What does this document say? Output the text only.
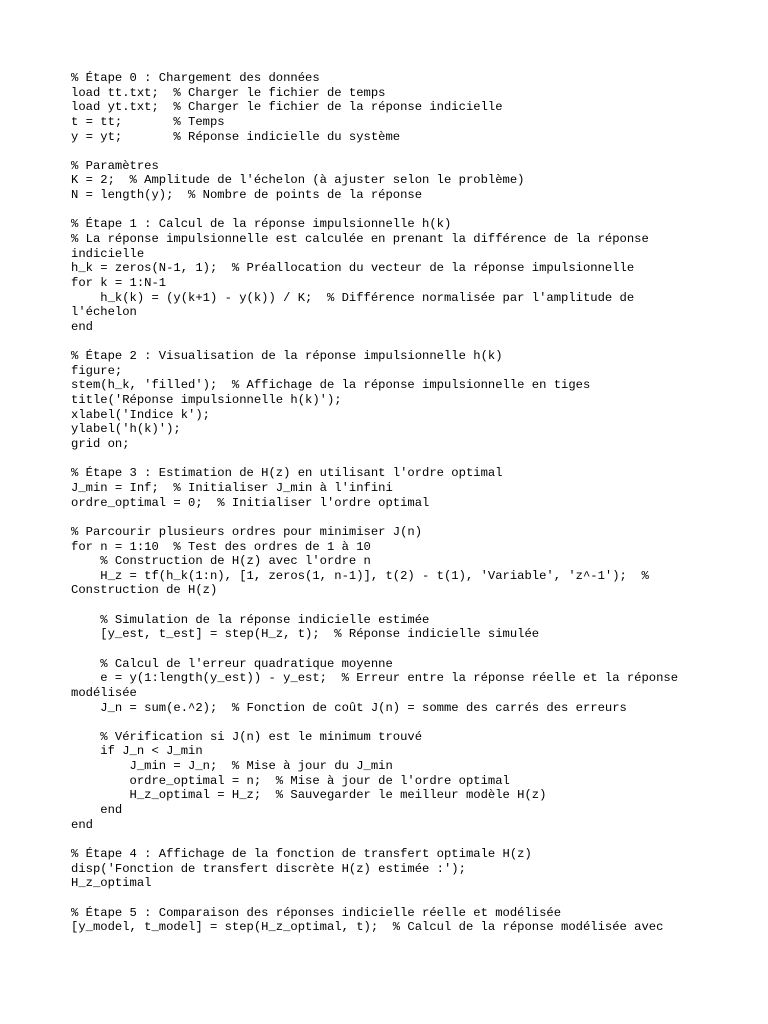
% Étape 0 : Chargement des données
load tt.txt;  % Charger le fichier de temps
load yt.txt;  % Charger le fichier de la réponse indicielle
t = tt;       % Temps
y = yt;       % Réponse indicielle du système
% Paramètres
K = 2;  % Amplitude de l'échelon (à ajuster selon le problème)
N = length(y);  % Nombre de points de la réponse
% Étape 1 : Calcul de la réponse impulsionnelle h(k)
% La réponse impulsionnelle est calculée en prenant la différence de la réponse
indicielle
h_k = zeros(N-1, 1);  % Préallocation du vecteur de la réponse impulsionnelle
for k = 1:N-1
h_k(k) = (y(k+1) - y(k)) / K;  % Différence normalisée par l'amplitude de
l'échelon
end
% Étape 2 : Visualisation de la réponse impulsionnelle h(k)
figure;
stem(h_k, 'filled');  % Affichage de la réponse impulsionnelle en tiges
title('Réponse impulsionnelle h(k)');
xlabel('Indice k');
ylabel('h(k)');
grid on;
% Étape 3 : Estimation de H(z) en utilisant l'ordre optimal
J_min = Inf;  % Initialiser J_min à l'infini
ordre_optimal = 0;  % Initialiser l'ordre optimal
% Parcourir plusieurs ordres pour minimiser J(n)
for n = 1:10  % Test des ordres de 1 à 10
% Construction de H(z) avec l'ordre n
H_z = tf(h_k(1:n), [1, zeros(1, n-1)], t(2) - t(1), 'Variable', 'z^-1');  %
Construction de H(z)
% Simulation de la réponse indicielle estimée
[y_est, t_est] = step(H_z, t);  % Réponse indicielle simulée
% Calcul de l'erreur quadratique moyenne
e = y(1:length(y_est)) - y_est;  % Erreur entre la réponse réelle et la réponse
modélisée
J_n = sum(e.^2);  % Fonction de coût J(n) = somme des carrés des erreurs
% Vérification si J(n) est le minimum trouvé
if J_n < J_min
J_min = J_n;  % Mise à jour du J_min
ordre_optimal = n;  % Mise à jour de l'ordre optimal
H_z_optimal = H_z;  % Sauvegarder le meilleur modèle H(z)
end
end
% Étape 4 : Affichage de la fonction de transfert optimale H(z)
disp('Fonction de transfert discrète H(z) estimée :');
H_z_optimal
% Étape 5 : Comparaison des réponses indicielle réelle et modélisée
[y_model, t_model] = step(H_z_optimal, t);  % Calcul de la réponse modélisée avec
